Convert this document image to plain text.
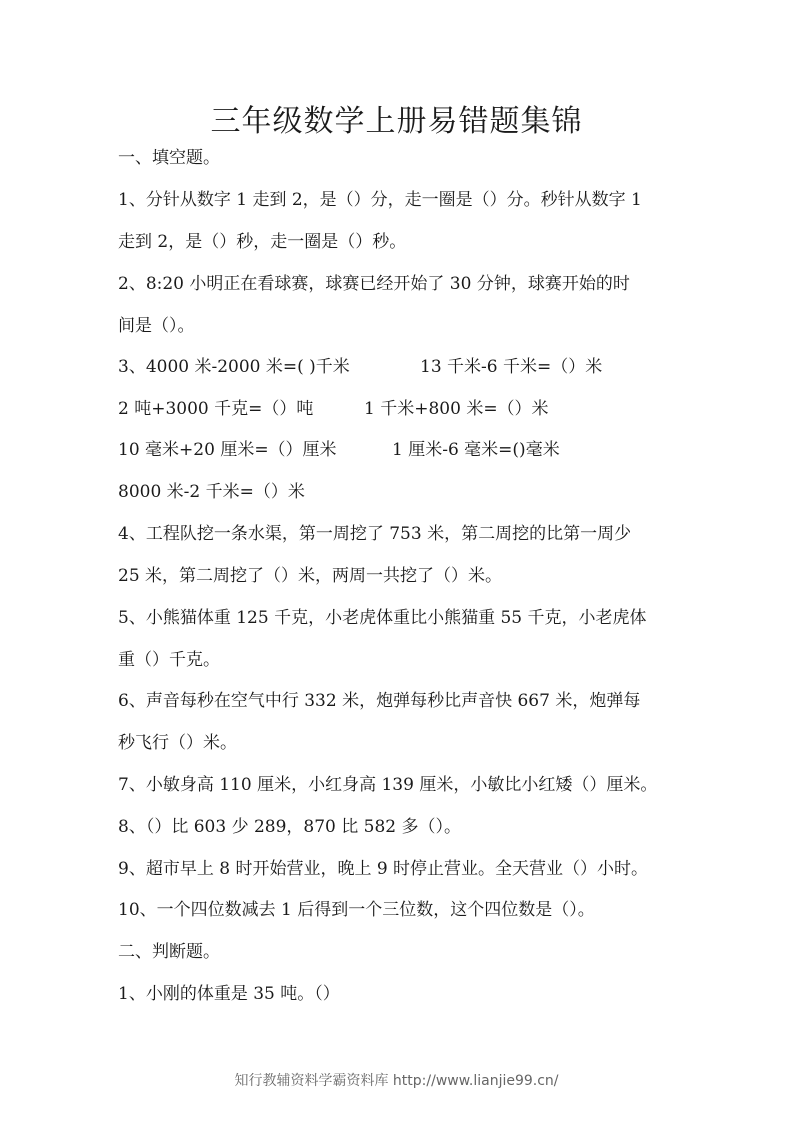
三年级数学上册易错题集锦
一、填空题。
1、分针从数字 1 走到 2，是（）分，走一圈是（）分。秒针从数字 1
走到 2，是（）秒，走一圈是（）秒。
2、8:20 小明正在看球赛，球赛已经开始了 30 分钟，球赛开始的时
间是（）。
3、4000 米-2000 米=( )千米	13 千米-6 千米=（）米
2 吨+3000 千克=（）吨	1 千米+800 米=（）米
10 毫米+20 厘米=（）厘米	1 厘米-6 毫米=()毫米
8000 米-2 千米=（）米
4、工程队挖一条水渠，第一周挖了 753 米，第二周挖的比第一周少
25 米，第二周挖了（）米，两周一共挖了（）米。
5、小熊猫体重 125 千克，小老虎体重比小熊猫重 55 千克，小老虎体
重（）千克。
6、声音每秒在空气中行 332 米，炮弹每秒比声音快 667 米，炮弹每
秒飞行（）米。
7、小敏身高 110 厘米，小红身高 139 厘米，小敏比小红矮（）厘米。
8、（）比 603 少 289，870 比 582 多（）。
9、超市早上 8 时开始营业，晚上 9 时停止营业。全天营业（）小时。
10、一个四位数减去 1 后得到一个三位数，这个四位数是（）。
二、判断题。
1、小刚的体重是 35 吨。（）
知行教辅资料学霸资料库 http://www.lianjie99.cn/
